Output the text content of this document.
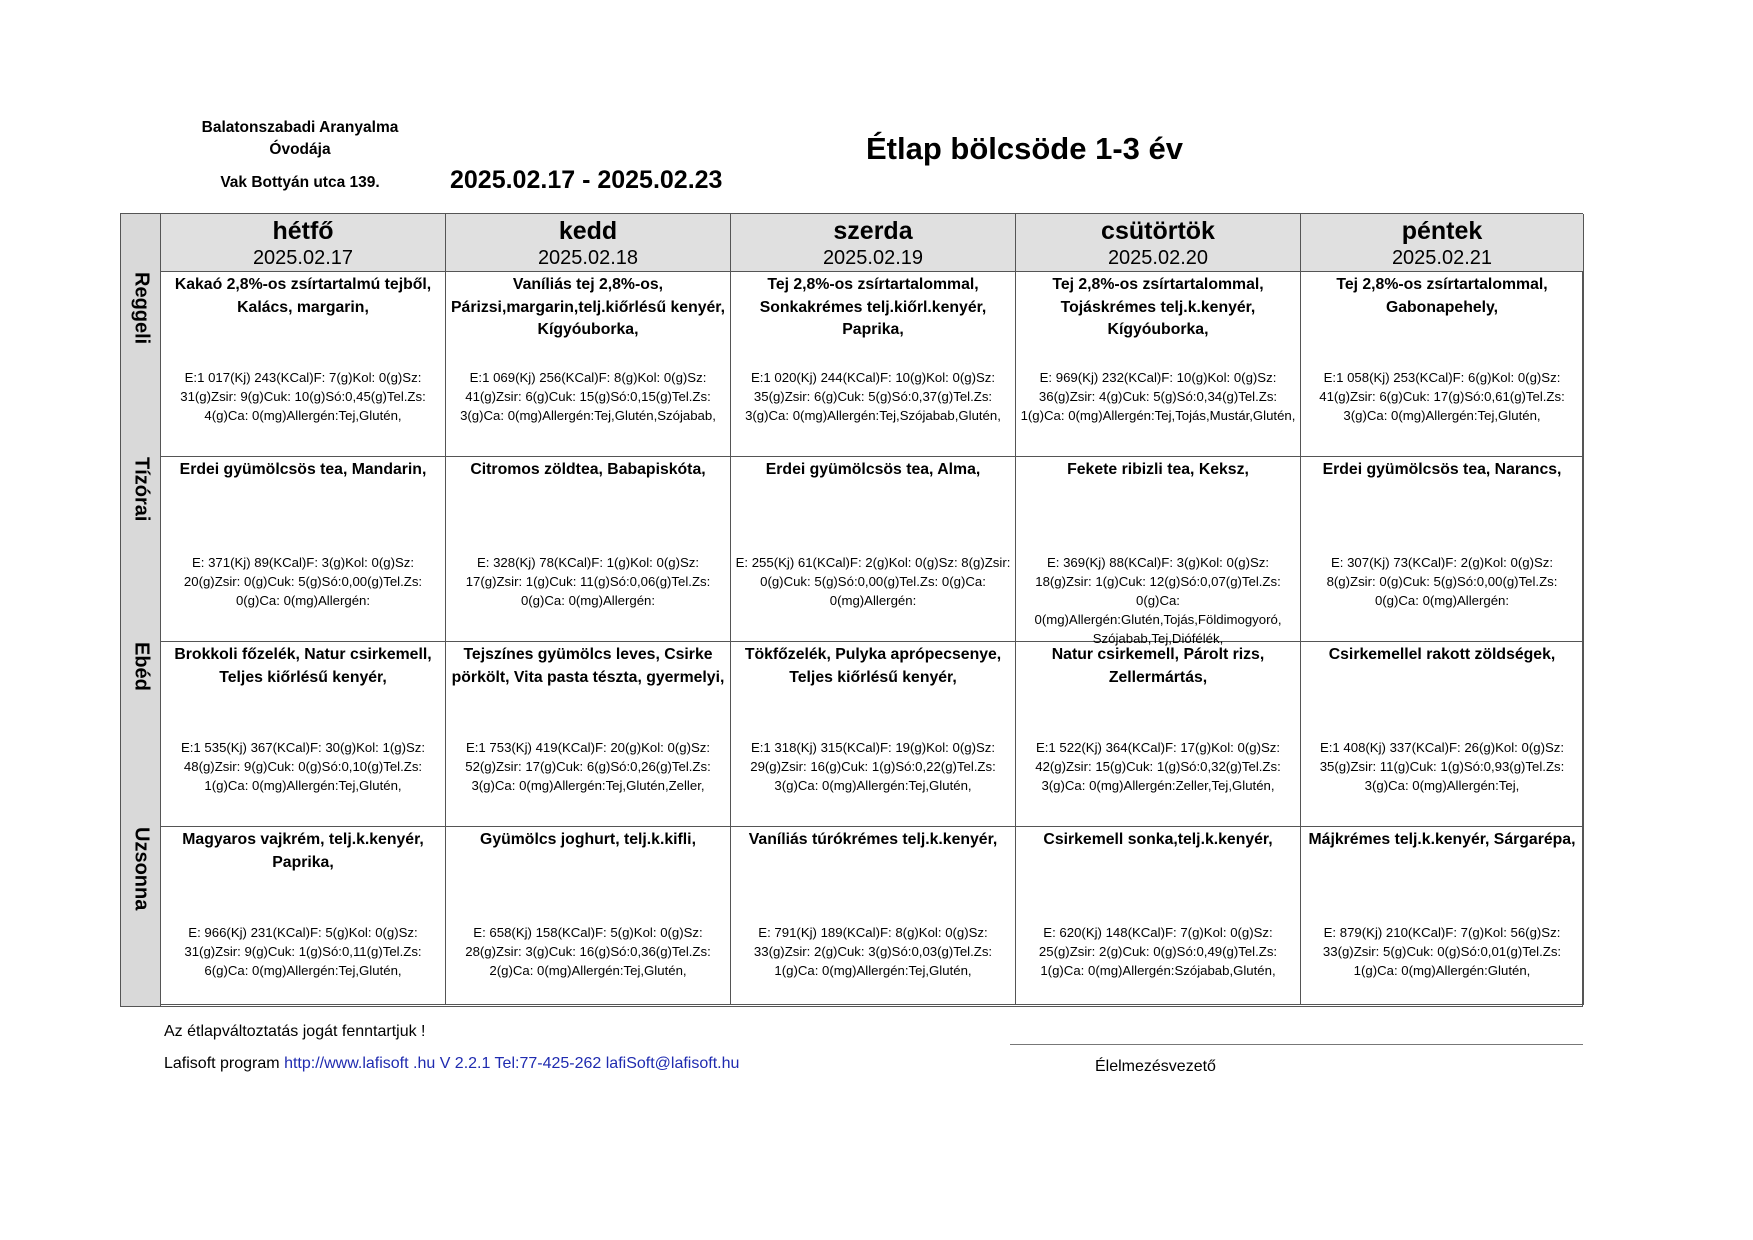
Balatonszabadi Aranyalma
Óvodája
Vak Bottyán utca 139.	2025.02.17 - 2025.02.23
Étlap bölcsöde 1-3 év
Reggeli
Tízórai
Ebéd
Uzsonna
hétfő
2025.02.17
kedd
2025.02.18
szerda
2025.02.19
csütörtök
2025.02.20
péntek
2025.02.21
Kakaó 2,8%-os zsírtartalmú tejből, Kalács, margarin,
E:1 017(Kj) 243(KCal)F: 7(g)Kol: 0(g)Sz: 31(g)Zsir: 9(g)Cuk: 10(g)Só:0,45(g)Tel.Zs: 4(g)Ca: 0(mg)Allergén:Tej,Glutén,
Vaníliás tej 2,8%-os, Párizsi,margarin,telj.kiőrlésű kenyér, Kígyóuborka,
E:1 069(Kj) 256(KCal)F: 8(g)Kol: 0(g)Sz: 41(g)Zsir: 6(g)Cuk: 15(g)Só:0,15(g)Tel.Zs: 3(g)Ca: 0(mg)Allergén:Tej,Glutén,Szójabab,
Tej 2,8%-os zsírtartalommal, Sonkakrémes telj.kiőrl.kenyér, Paprika,
E:1 020(Kj) 244(KCal)F: 10(g)Kol: 0(g)Sz: 35(g)Zsir: 6(g)Cuk: 5(g)Só:0,37(g)Tel.Zs: 3(g)Ca: 0(mg)Allergén:Tej,Szójabab,Glutén,
Tej 2,8%-os zsírtartalommal, Tojáskrémes telj.k.kenyér, Kígyóuborka,
E: 969(Kj) 232(KCal)F: 10(g)Kol: 0(g)Sz: 36(g)Zsir: 4(g)Cuk: 5(g)Só:0,34(g)Tel.Zs: 1(g)Ca: 0(mg)Allergén:Tej,Tojás,Mustár,Glutén,
Tej 2,8%-os zsírtartalommal, Gabonapehely,
E:1 058(Kj) 253(KCal)F: 6(g)Kol: 0(g)Sz: 41(g)Zsir: 6(g)Cuk: 17(g)Só:0,61(g)Tel.Zs: 3(g)Ca: 0(mg)Allergén:Tej,Glutén,
Erdei gyümölcsös tea, Mandarin,
E: 371(Kj) 89(KCal)F: 3(g)Kol: 0(g)Sz: 20(g)Zsir: 0(g)Cuk: 5(g)Só:0,00(g)Tel.Zs: 0(g)Ca: 0(mg)Allergén:
Citromos zöldtea, Babapiskóta,
E: 328(Kj) 78(KCal)F: 1(g)Kol: 0(g)Sz: 17(g)Zsir: 1(g)Cuk: 11(g)Só:0,06(g)Tel.Zs: 0(g)Ca: 0(mg)Allergén:
Erdei gyümölcsös tea, Alma,
E: 255(Kj) 61(KCal)F: 2(g)Kol: 0(g)Sz: 8(g)Zsir: 0(g)Cuk: 5(g)Só:0,00(g)Tel.Zs: 0(g)Ca: 0(mg)Allergén:
Fekete ribizli tea, Keksz,
E: 369(Kj) 88(KCal)F: 3(g)Kol: 0(g)Sz: 18(g)Zsir: 1(g)Cuk: 12(g)Só:0,07(g)Tel.Zs: 0(g)Ca: 0(mg)Allergén:Glutén,Tojás,Földimogyoró, Szójabab,Tej,Diófélék,
Erdei gyümölcsös tea, Narancs,
E: 307(Kj) 73(KCal)F: 2(g)Kol: 0(g)Sz: 8(g)Zsir: 0(g)Cuk: 5(g)Só:0,00(g)Tel.Zs: 0(g)Ca: 0(mg)Allergén:
Brokkoli főzelék, Natur csirkemell, Teljes kiőrlésű kenyér,
E:1 535(Kj) 367(KCal)F: 30(g)Kol: 1(g)Sz: 48(g)Zsir: 9(g)Cuk: 0(g)Só:0,10(g)Tel.Zs: 1(g)Ca: 0(mg)Allergén:Tej,Glutén,
Tejszínes gyümölcs leves, Csirke pörkölt, Vita pasta tészta, gyermelyi,
E:1 753(Kj) 419(KCal)F: 20(g)Kol: 0(g)Sz: 52(g)Zsir: 17(g)Cuk: 6(g)Só:0,26(g)Tel.Zs: 3(g)Ca: 0(mg)Allergén:Tej,Glutén,Zeller,
Tökfőzelék, Pulyka aprópecsenye, Teljes kiőrlésű kenyér,
E:1 318(Kj) 315(KCal)F: 19(g)Kol: 0(g)Sz: 29(g)Zsir: 16(g)Cuk: 1(g)Só:0,22(g)Tel.Zs: 3(g)Ca: 0(mg)Allergén:Tej,Glutén,
Natur csirkemell, Párolt rizs, Zellermártás,
E:1 522(Kj) 364(KCal)F: 17(g)Kol: 0(g)Sz: 42(g)Zsir: 15(g)Cuk: 1(g)Só:0,32(g)Tel.Zs: 3(g)Ca: 0(mg)Allergén:Zeller,Tej,Glutén,
Csirkemellel rakott zöldségek,
E:1 408(Kj) 337(KCal)F: 26(g)Kol: 0(g)Sz: 35(g)Zsir: 11(g)Cuk: 1(g)Só:0,93(g)Tel.Zs: 3(g)Ca: 0(mg)Allergén:Tej,
Magyaros vajkrém, telj.k.kenyér, Paprika,
E: 966(Kj) 231(KCal)F: 5(g)Kol: 0(g)Sz: 31(g)Zsir: 9(g)Cuk: 1(g)Só:0,11(g)Tel.Zs: 6(g)Ca: 0(mg)Allergén:Tej,Glutén,
Gyümölcs joghurt, telj.k.kifli,
E: 658(Kj) 158(KCal)F: 5(g)Kol: 0(g)Sz: 28(g)Zsir: 3(g)Cuk: 16(g)Só:0,36(g)Tel.Zs: 2(g)Ca: 0(mg)Allergén:Tej,Glutén,
Vaníliás túrókrémes telj.k.kenyér,
E: 791(Kj) 189(KCal)F: 8(g)Kol: 0(g)Sz: 33(g)Zsir: 2(g)Cuk: 3(g)Só:0,03(g)Tel.Zs: 1(g)Ca: 0(mg)Allergén:Tej,Glutén,
Csirkemell sonka,telj.k.kenyér,
E: 620(Kj) 148(KCal)F: 7(g)Kol: 0(g)Sz: 25(g)Zsir: 2(g)Cuk: 0(g)Só:0,49(g)Tel.Zs: 1(g)Ca: 0(mg)Allergén:Szójabab,Glutén,
Májkrémes telj.k.kenyér, Sárgarépa,
E: 879(Kj) 210(KCal)F: 7(g)Kol: 56(g)Sz: 33(g)Zsir: 5(g)Cuk: 0(g)Só:0,01(g)Tel.Zs: 1(g)Ca: 0(mg)Allergén:Glutén,
Az étlapváltoztatás jogát fenntartjuk !
Lafisoft program http://www.lafisoft .hu V 2.2.1 Tel:77-425-262 lafiSoft@lafisoft.hu	Élelmezésvezető
